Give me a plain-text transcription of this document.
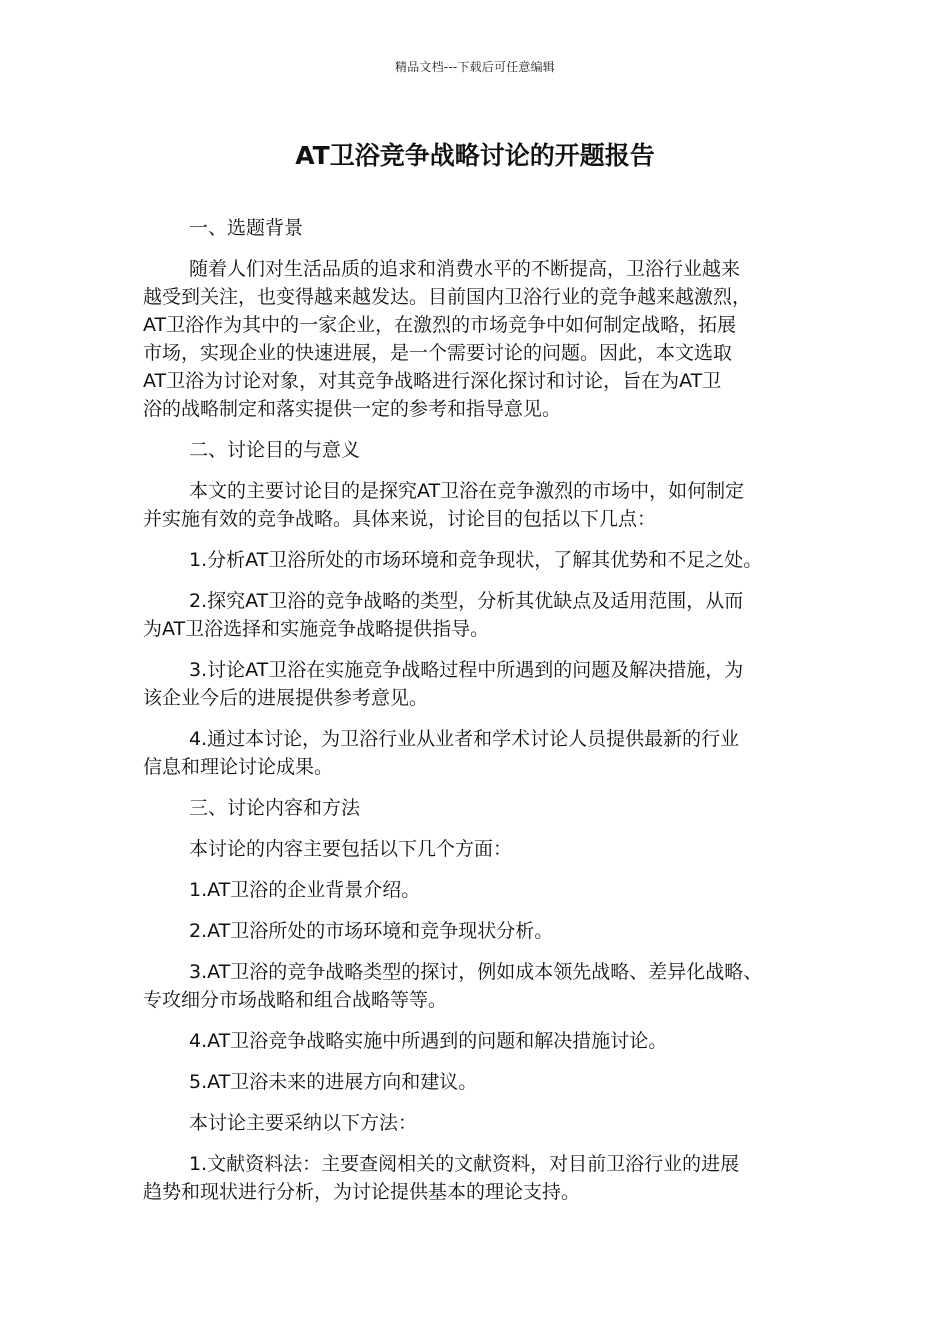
精品文档---下载后可任意编辑
AT卫浴竞争战略讨论的开题报告

一、选题背景

随着人们对生活品质的追求和消费水平的不断提高，卫浴行业越来
越受到关注，也变得越来越发达。目前国内卫浴行业的竞争越来越激烈，
AT卫浴作为其中的一家企业，在激烈的市场竞争中如何制定战略，拓展
市场，实现企业的快速进展，是一个需要讨论的问题。因此，本文选取
AT卫浴为讨论对象，对其竞争战略进行深化探讨和讨论，旨在为AT卫
浴的战略制定和落实提供一定的参考和指导意见。

二、讨论目的与意义

本文的主要讨论目的是探究AT卫浴在竞争激烈的市场中，如何制定
并实施有效的竞争战略。具体来说，讨论目的包括以下几点：

1.分析AT卫浴所处的市场环境和竞争现状，了解其优势和不足之处。

2.探究AT卫浴的竞争战略的类型，分析其优缺点及适用范围，从而
为AT卫浴选择和实施竞争战略提供指导。

3.讨论AT卫浴在实施竞争战略过程中所遇到的问题及解决措施，为
该企业今后的进展提供参考意见。

4.通过本讨论，为卫浴行业从业者和学术讨论人员提供最新的行业
信息和理论讨论成果。

三、讨论内容和方法

本讨论的内容主要包括以下几个方面：

1.AT卫浴的企业背景介绍。

2.AT卫浴所处的市场环境和竞争现状分析。

3.AT卫浴的竞争战略类型的探讨，例如成本领先战略、差异化战略、
专攻细分市场战略和组合战略等等。

4.AT卫浴竞争战略实施中所遇到的问题和解决措施讨论。

5.AT卫浴未来的进展方向和建议。

本讨论主要采纳以下方法：

1.文献资料法：主要查阅相关的文献资料，对目前卫浴行业的进展
趋势和现状进行分析，为讨论提供基本的理论支持。
